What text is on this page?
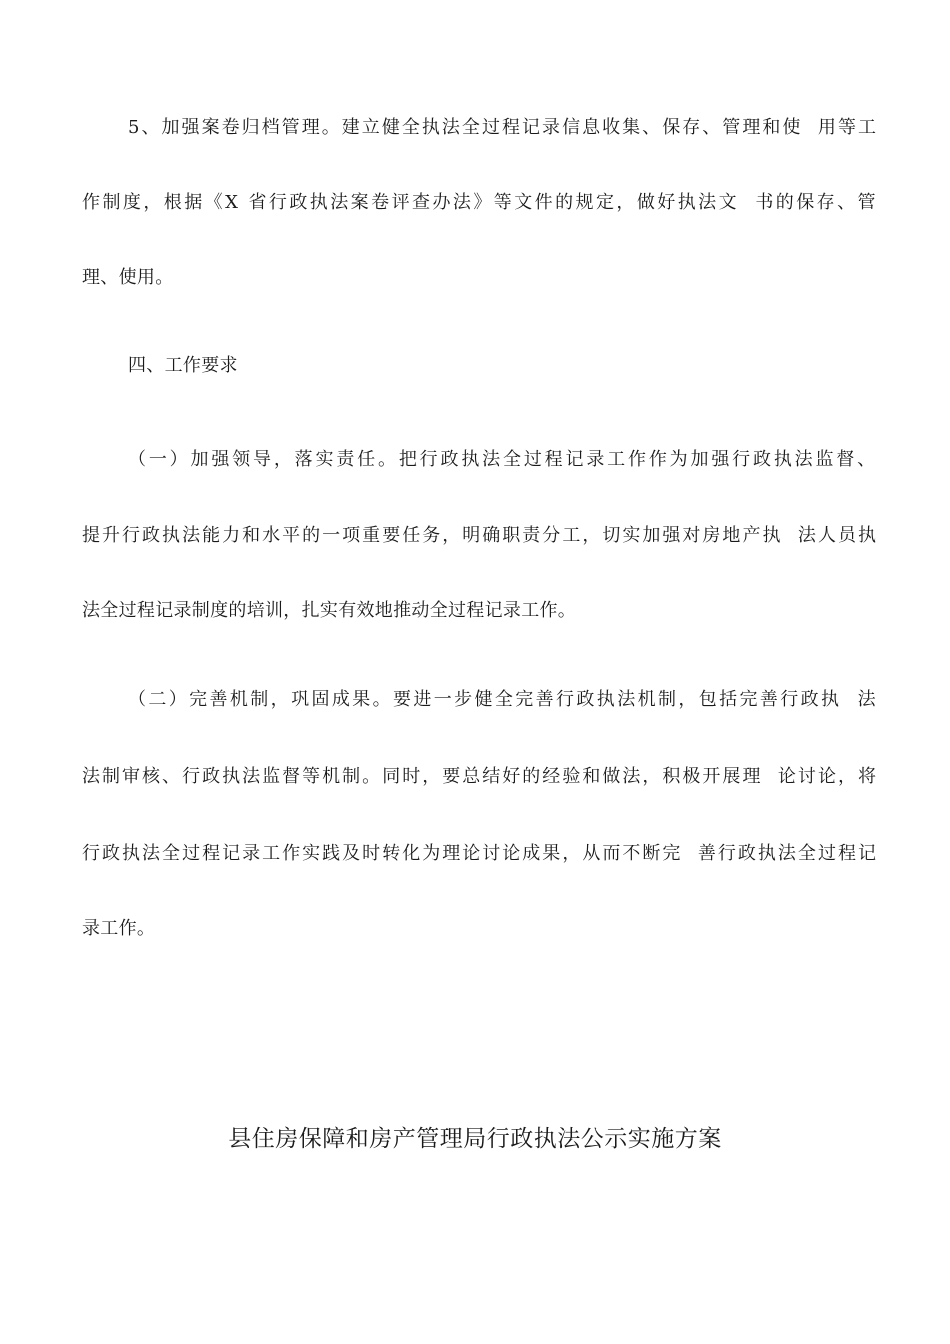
5、加强案卷归档管理。建立健全执法全过程记录信息收集、保存、管理和使  用等工
作制度，根据《X 省行政执法案卷评查办法》等文件的规定，做好执法文  书的保存、管
理、使用。
四、工作要求
（一）加强领导，落实责任。把行政执法全过程记录工作作为加强行政执法监督、
提升行政执法能力和水平的一项重要任务，明确职责分工，切实加强对房地产执  法人员执
法全过程记录制度的培训，扎实有效地推动全过程记录工作。
（二）完善机制，巩固成果。要进一步健全完善行政执法机制，包括完善行政执  法
法制审核、行政执法监督等机制。同时，要总结好的经验和做法，积极开展理  论讨论，将
行政执法全过程记录工作实践及时转化为理论讨论成果，从而不断完  善行政执法全过程记
录工作。
县住房保障和房产管理局行政执法公示实施方案
